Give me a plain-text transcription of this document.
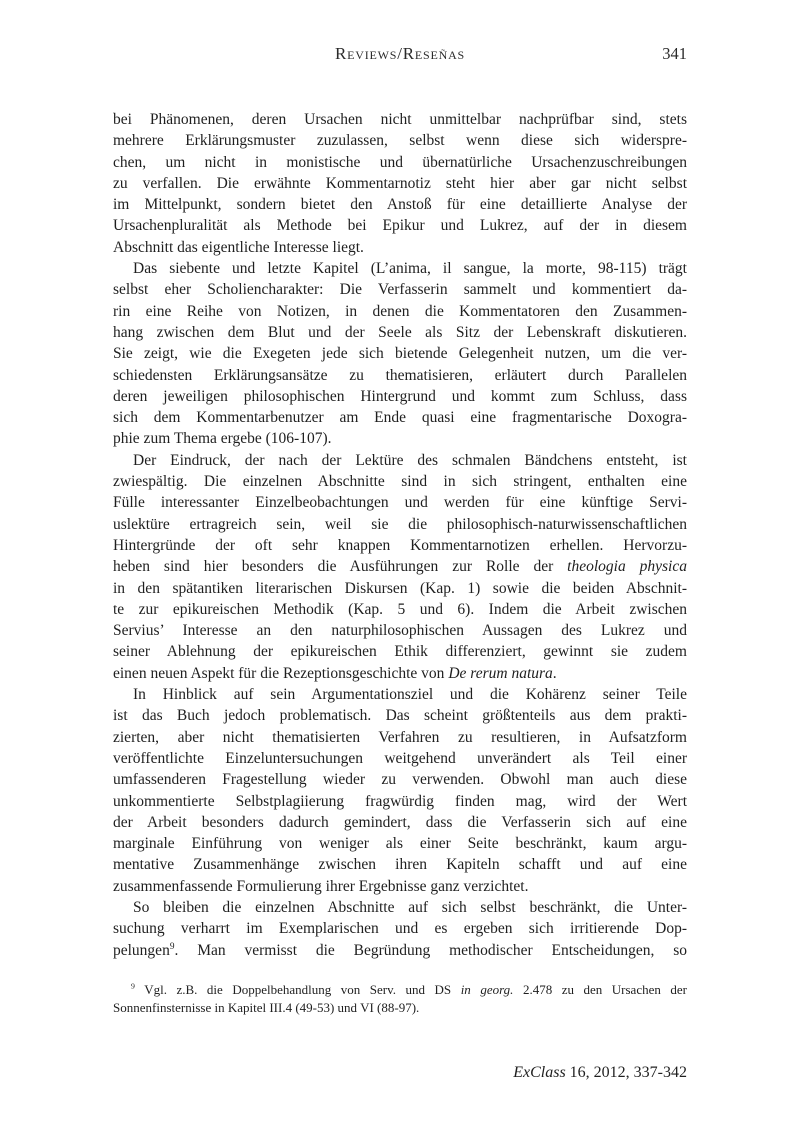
Reviews/Reseñas	341
bei Phänomenen, deren Ursachen nicht unmittelbar nachprüfbar sind, stets
mehrere Erklärungsmuster zuzulassen, selbst wenn diese sich widerspre-
chen, um nicht in monistische und übernatürliche Ursachenzuschreibungen
zu verfallen. Die erwähnte Kommentarnotiz steht hier aber gar nicht selbst
im Mittelpunkt, sondern bietet den Anstoß für eine detaillierte Analyse der
Ursachenpluralität als Methode bei Epikur und Lukrez, auf der in diesem
Abschnitt das eigentliche Interesse liegt.
Das siebente und letzte Kapitel (L’anima, il sangue, la morte, 98-115) trägt
selbst eher Scholiencharakter: Die Verfasserin sammelt und kommentiert da-
rin eine Reihe von Notizen, in denen die Kommentatoren den Zusammen-
hang zwischen dem Blut und der Seele als Sitz der Lebenskraft diskutieren.
Sie zeigt, wie die Exegeten jede sich bietende Gelegenheit nutzen, um die ver-
schiedensten Erklärungsansätze zu thematisieren, erläutert durch Parallelen
deren jeweiligen philosophischen Hintergrund und kommt zum Schluss, dass
sich dem Kommentarbenutzer am Ende quasi eine fragmentarische Doxogra-
phie zum Thema ergebe (106-107).
Der Eindruck, der nach der Lektüre des schmalen Bändchens entsteht, ist
zwiespältig. Die einzelnen Abschnitte sind in sich stringent, enthalten eine
Fülle interessanter Einzelbeobachtungen und werden für eine künftige Servi-
uslektüre ertragreich sein, weil sie die philosophisch-naturwissenschaftlichen
Hintergründe der oft sehr knappen Kommentarnotizen erhellen. Hervorzu-
heben sind hier besonders die Ausführungen zur Rolle der theologia physica
in den spätantiken literarischen Diskursen (Kap. 1) sowie die beiden Abschnit-
te zur epikureischen Methodik (Kap. 5 und 6). Indem die Arbeit zwischen
Servius’ Interesse an den naturphilosophischen Aussagen des Lukrez und
seiner Ablehnung der epikureischen Ethik differenziert, gewinnt sie zudem
einen neuen Aspekt für die Rezeptionsgeschichte von De rerum natura.
In Hinblick auf sein Argumentationsziel und die Kohärenz seiner Teile
ist das Buch jedoch problematisch. Das scheint größtenteils aus dem prakti-
zierten, aber nicht thematisierten Verfahren zu resultieren, in Aufsatzform
veröffentlichte Einzeluntersuchungen weitgehend unverändert als Teil einer
umfassenderen Fragestellung wieder zu verwenden. Obwohl man auch diese
unkommentierte Selbstplagiierung fragwürdig finden mag, wird der Wert
der Arbeit besonders dadurch gemindert, dass die Verfasserin sich auf eine
marginale Einführung von weniger als einer Seite beschränkt, kaum argu-
mentative Zusammenhänge zwischen ihren Kapiteln schafft und auf eine
zusammenfassende Formulierung ihrer Ergebnisse ganz verzichtet.
So bleiben die einzelnen Abschnitte auf sich selbst beschränkt, die Unter-
suchung verharrt im Exemplarischen und es ergeben sich irritierende Dop-
pelungen$^9$. Man vermisst die Begründung methodischer Entscheidungen, so
$^9$ Vgl. z.B. die Doppelbehandlung von Serv. und DS in georg. 2.478 zu den Ursachen der
Sonnenfinsternisse in Kapitel III.4 (49-53) und VI (88-97).
ExClass 16, 2012, 337-342
